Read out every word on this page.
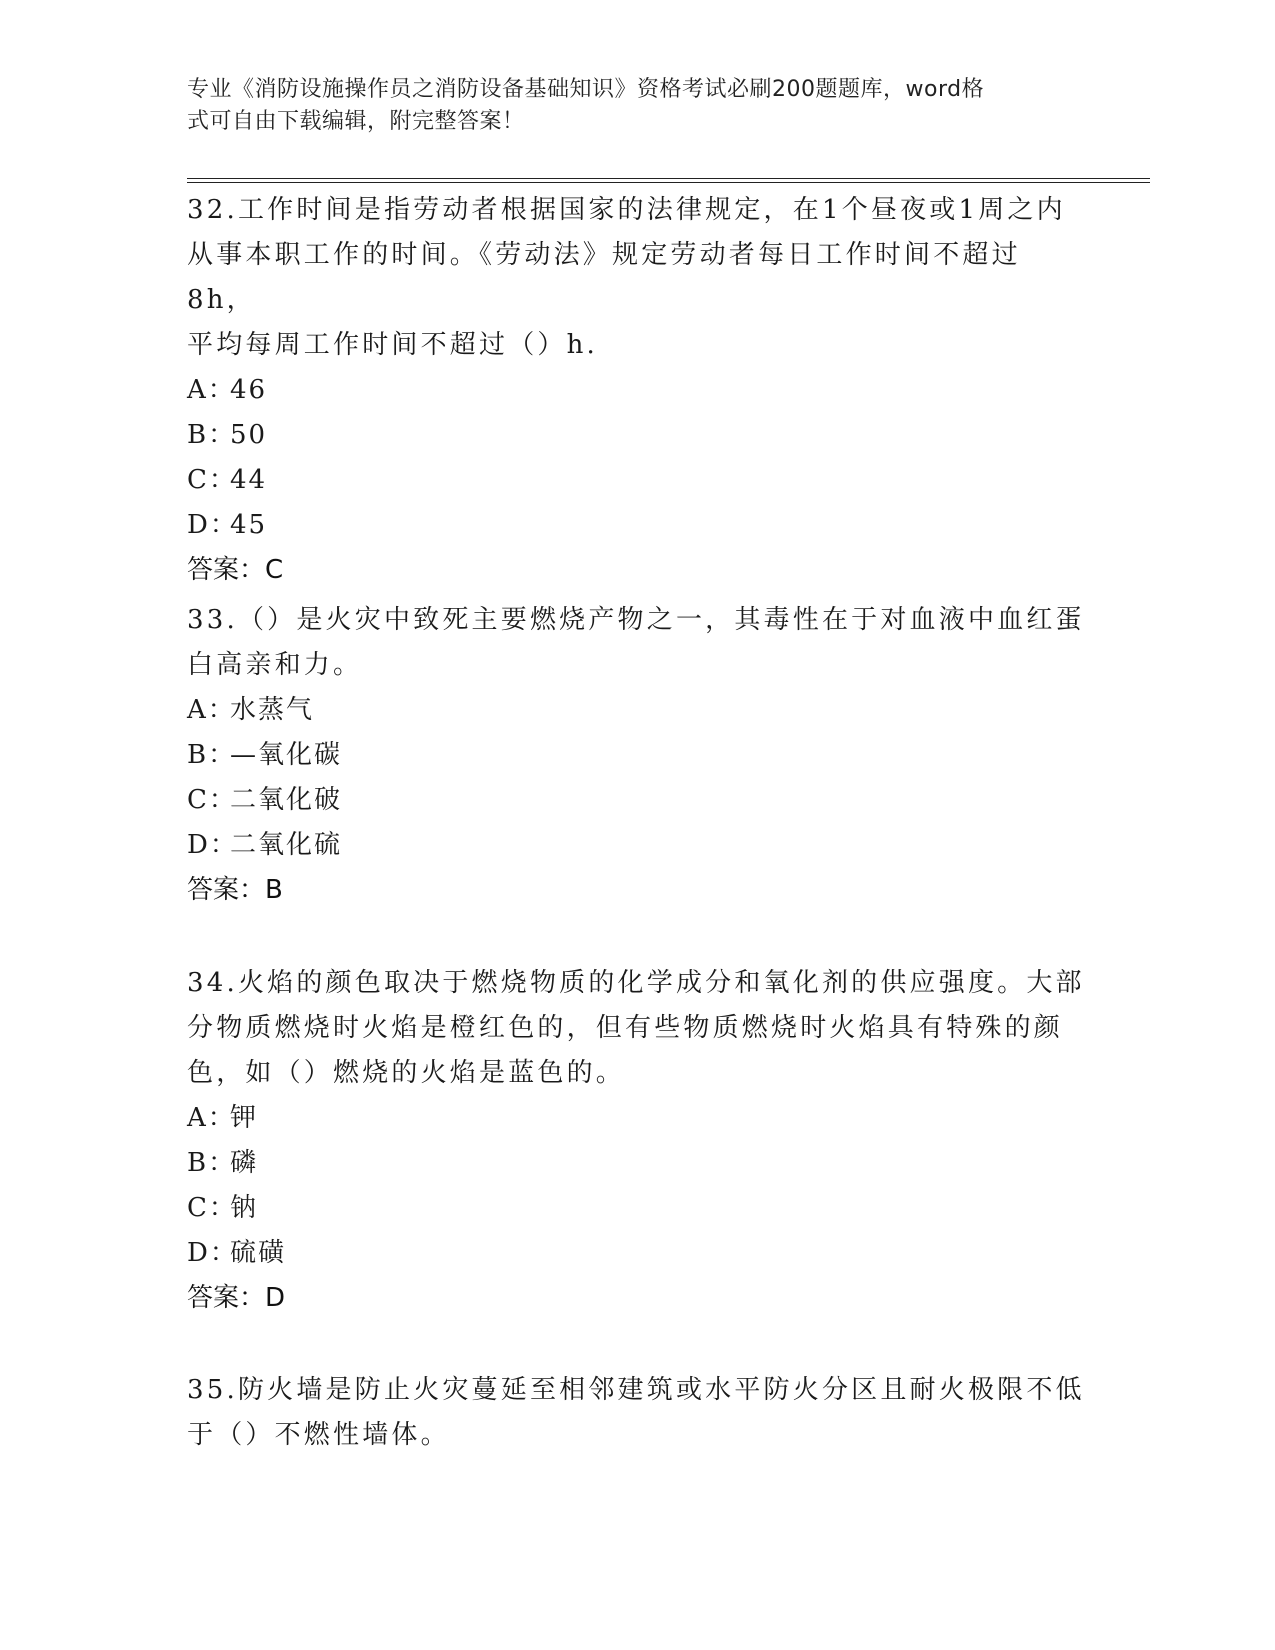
专业《消防设施操作员之消防设备基础知识》资格考试必刷200题题库，word格
式可自由下载编辑，附完整答案！

32.工作时间是指劳动者根据国家的法律规定，在1个昼夜或1周之内

从事本职工作的时间。《劳动法》规定劳动者每日工作时间不超过8h，

平均每周工作时间不超过（）h.

A：46

B：50

C：44

D：45

答案：C

33.（）是火灾中致死主要燃烧产物之一，其毒性在于对血液中血红蛋

白高亲和力。

A：水蒸气

B：—氧化碳

C：二氧化破

D：二氧化硫

答案：B

34.火焰的颜色取决于燃烧物质的化学成分和氧化剂的供应强度。大部

分物质燃烧时火焰是橙红色的，但有些物质燃烧时火焰具有特殊的颜

色，如（）燃烧的火焰是蓝色的。

A：钾

B：磷

C：钠

D：硫磺

答案：D

35.防火墙是防止火灾蔓延至相邻建筑或水平防火分区且耐火极限不低

于（）不燃性墙体。
